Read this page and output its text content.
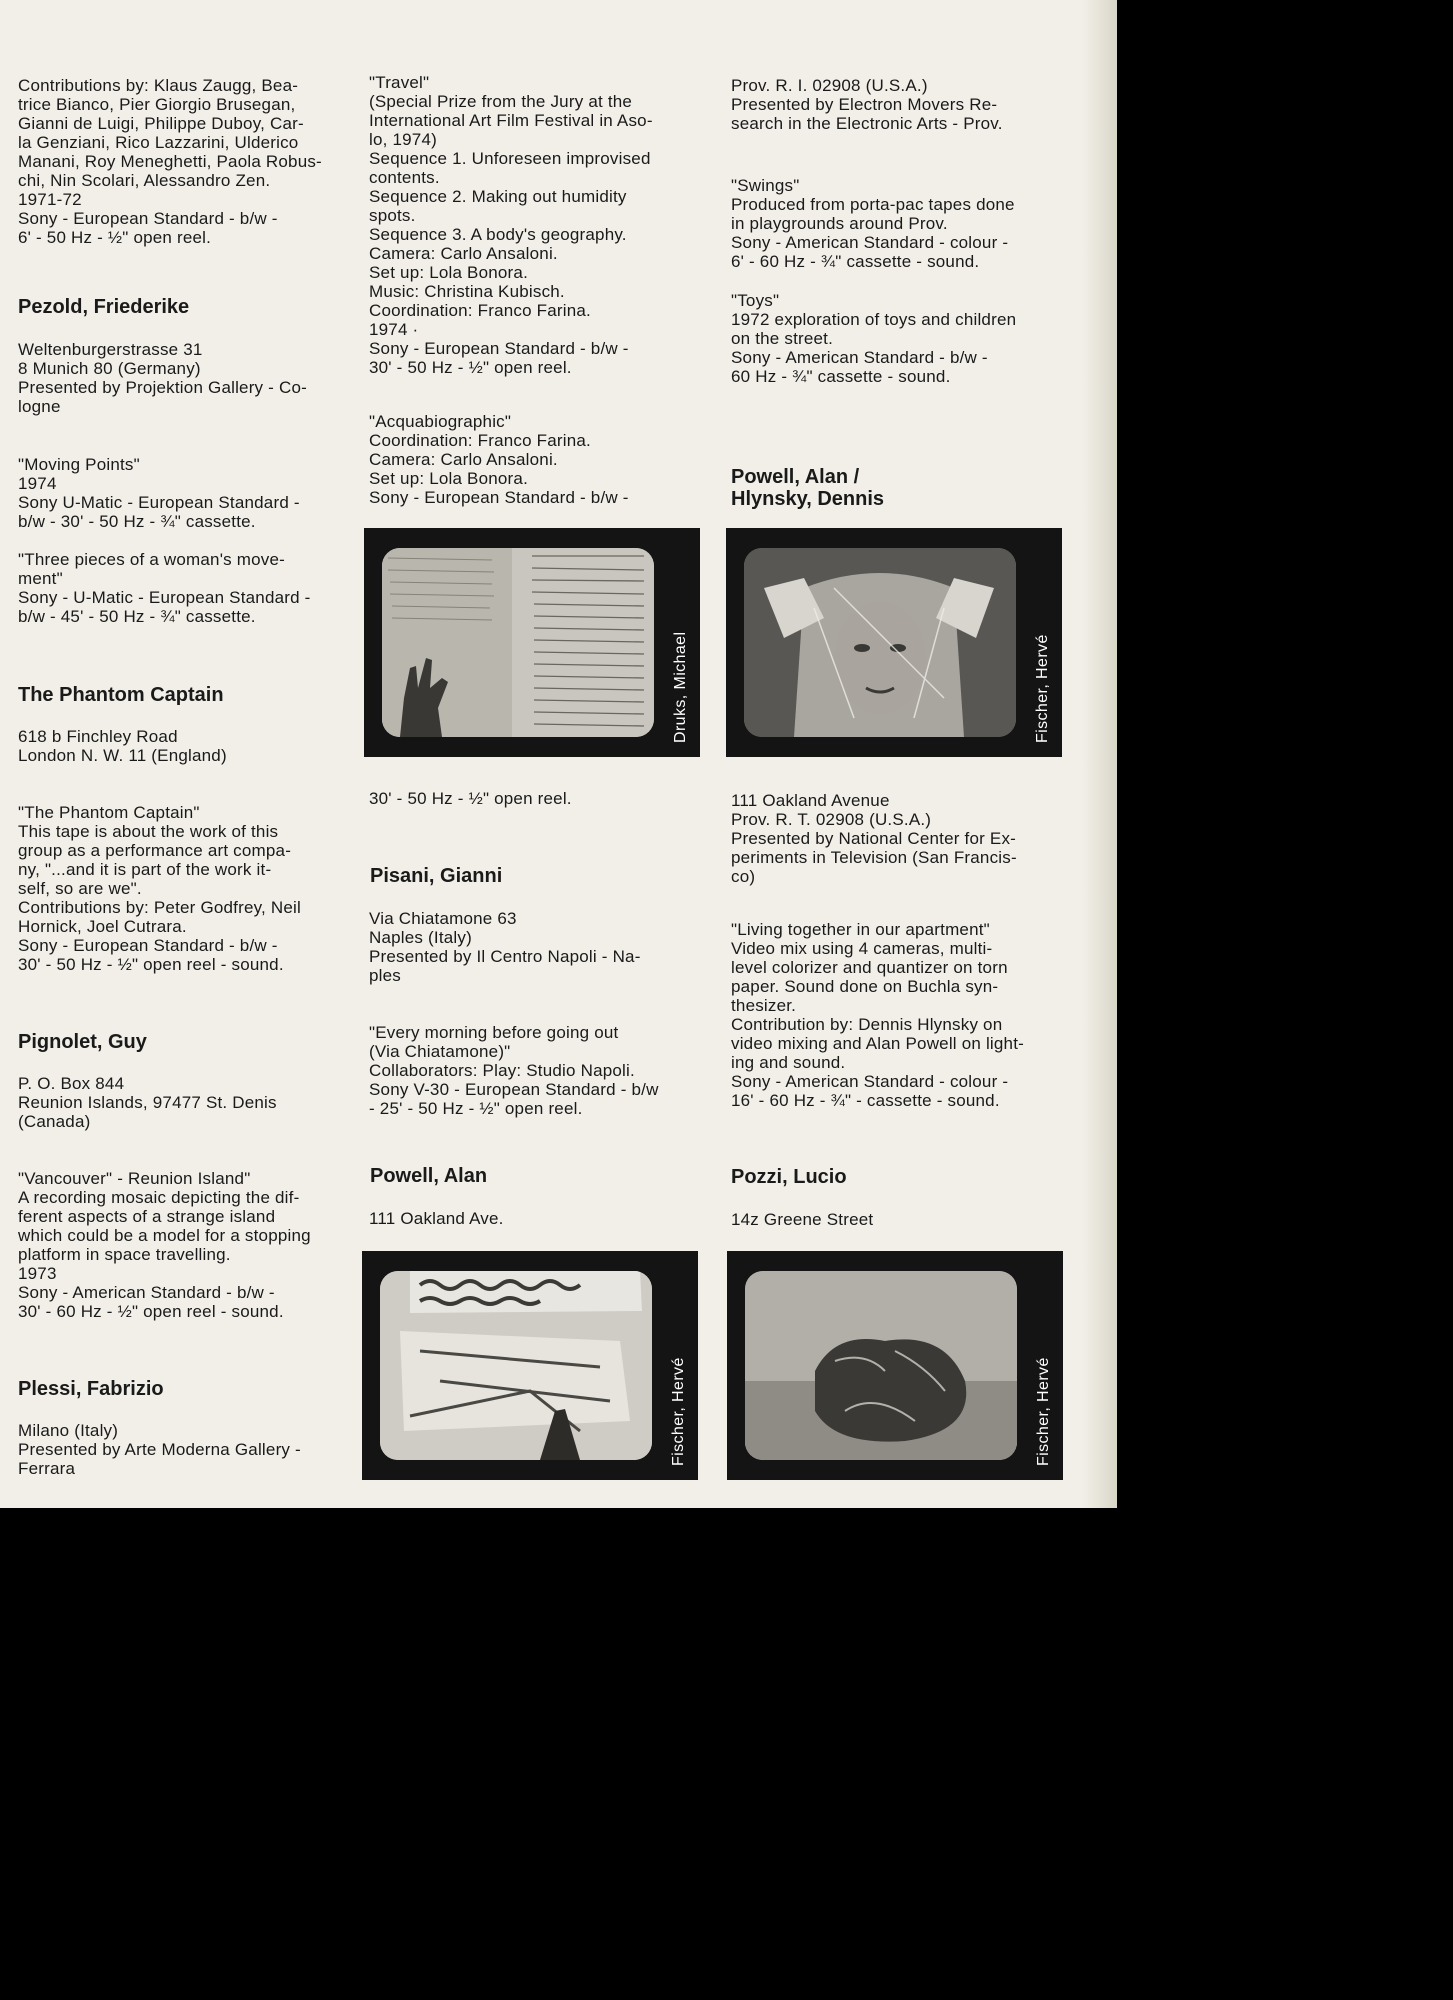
Contributions by: Klaus Zaugg, Bea-
trice Bianco, Pier Giorgio Brusegan,
Gianni de Luigi, Philippe Duboy, Car-
la Genziani, Rico Lazzarini, Ulderico
Manani, Roy Meneghetti, Paola Robus-
chi, Nin Scolari, Alessandro Zen.
1971-72
Sony - European Standard - b/w -
6' - 50 Hz - ½" open reel.

Pezold, Friederike

Weltenburgerstrasse 31
8 Munich 80 (Germany)
Presented by Projektion Gallery - Co-
logne

"Moving Points"
1974
Sony U-Matic - European Standard -
b/w - 30' - 50 Hz - ¾" cassette.

"Three pieces of a woman's move-
ment"
Sony - U-Matic - European Standard -
b/w - 45' - 50 Hz - ¾" cassette.

The Phantom Captain

618 b Finchley Road
London N. W. 11 (England)

"The Phantom Captain"
This tape is about the work of this
group as a performance art compa-
ny, "...and it is part of the work it-
self, so are we".
Contributions by: Peter Godfrey, Neil
Hornick, Joel Cutrara.
Sony - European Standard - b/w -
30' - 50 Hz - ½" open reel - sound.

Pignolet, Guy

P. O. Box 844
Reunion Islands, 97477 St. Denis
(Canada)

"Vancouver" - Reunion Island"
A recording mosaic depicting the dif-
ferent aspects of a strange island
which could be a model for a stopping
platform in space travelling.
1973
Sony - American Standard - b/w -
30' - 60 Hz - ½" open reel - sound.

Plessi, Fabrizio

Milano (Italy)
Presented by Arte Moderna Gallery -
Ferrara

"Travel"
(Special Prize from the Jury at the
International Art Film Festival in Aso-
lo, 1974)
Sequence 1. Unforeseen improvised
contents.
Sequence 2. Making out humidity
spots.
Sequence 3. A body's geography.
Camera: Carlo Ansaloni.
Set up: Lola Bonora.
Music: Christina Kubisch.
Coordination: Franco Farina.
1974 ·
Sony - European Standard - b/w -
30' - 50 Hz - ½" open reel.

"Acquabiographic"
Coordination: Franco Farina.
Camera: Carlo Ansaloni.
Set up: Lola Bonora.
Sony - European Standard - b/w -

Druks, Michael

30' - 50 Hz - ½" open reel.

Pisani, Gianni

Via Chiatamone 63
Naples (Italy)
Presented by Il Centro Napoli - Na-
ples

"Every morning before going out
(Via Chiatamone)"
Collaborators: Play: Studio Napoli.
Sony V-30 - European Standard - b/w
- 25' - 50 Hz - ½" open reel.

Powell, Alan

111 Oakland Ave.

Fischer, Hervé

Prov. R. I. 02908 (U.S.A.)
Presented by Electron Movers Re-
search in the Electronic Arts - Prov.

"Swings"
Produced from porta-pac tapes done
in playgrounds around Prov.
Sony - American Standard - colour -
6' - 60 Hz - ¾" cassette - sound.

"Toys"
1972 exploration of toys and children
on the street.
Sony - American Standard - b/w -
60 Hz - ¾" cassette - sound.

Powell, Alan /
Hlynsky, Dennis

Fischer, Hervé

111 Oakland Avenue
Prov. R. T. 02908 (U.S.A.)
Presented by National Center for Ex-
periments in Television (San Francis-
co)

"Living together in our apartment"
Video mix using 4 cameras, multi-
level colorizer and quantizer on torn
paper. Sound done on Buchla syn-
thesizer.
Contribution by: Dennis Hlynsky on
video mixing and Alan Powell on light-
ing and sound.
Sony - American Standard - colour -
16' - 60 Hz - ¾" - cassette - sound.

Pozzi, Lucio

14z Greene Street

Fischer, Hervé
